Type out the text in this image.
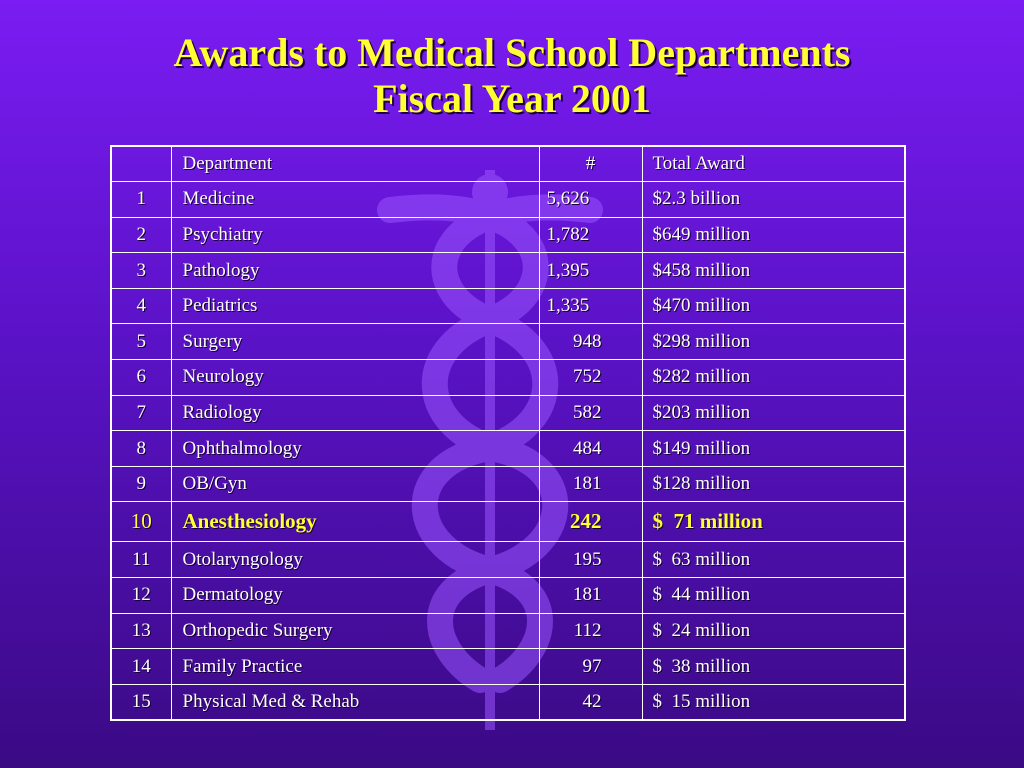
Awards to Medical School Departments
Fiscal Year 2001
	Department	#	Total Award
1	Medicine	5,626	$2.3 billion
2	Psychiatry	1,782	$649 million
3	Pathology	1,395	$458 million
4	Pediatrics	1,335	$470 million
5	Surgery	948	$298 million
6	Neurology	752	$282 million
7	Radiology	582	$203 million
8	Ophthalmology	484	$149 million
9	OB/Gyn	181	$128 million
10	Anesthesiology	242	$  71 million
11	Otolaryngology	195	$  63 million
12	Dermatology	181	$  44 million
13	Orthopedic Surgery	112	$  24 million
14	Family Practice	97	$  38 million
15	Physical Med & Rehab	42	$  15 million
